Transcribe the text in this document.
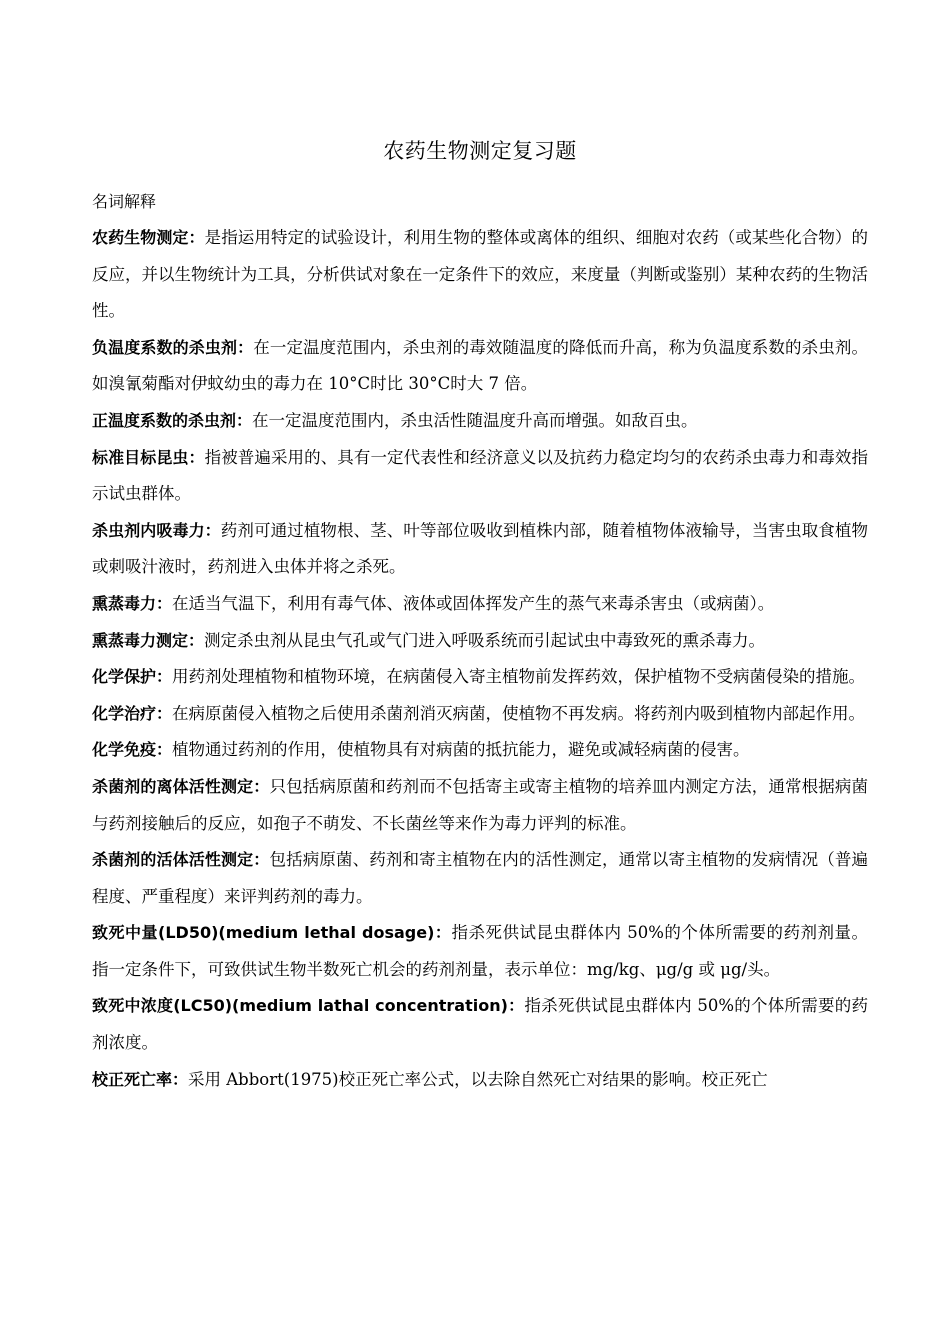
农药生物测定复习题
名词解释

农药生物测定：是指运用特定的试验设计，利用生物的整体或离体的组织、细胞对农药（或某些化合物）的反应，并以生物统计为工具，分析供试对象在一定条件下的效应，来度量（判断或鉴别）某种农药的生物活性。

负温度系数的杀虫剂：在一定温度范围内，杀虫剂的毒效随温度的降低而升高，称为负温度系数的杀虫剂。如溴氰菊酯对伊蚊幼虫的毒力在 10°C时比 30°C时大 7 倍。

正温度系数的杀虫剂：在一定温度范围内，杀虫活性随温度升高而增强。如敌百虫。

标准目标昆虫：指被普遍采用的、具有一定代表性和经济意义以及抗药力稳定均匀的农药杀虫毒力和毒效指示试虫群体。

杀虫剂内吸毒力：药剂可通过植物根、茎、叶等部位吸收到植株内部，随着植物体液输导，当害虫取食植物或刺吸汁液时，药剂进入虫体并将之杀死。

熏蒸毒力：在适当气温下，利用有毒气体、液体或固体挥发产生的蒸气来毒杀害虫（或病菌）。

熏蒸毒力测定：测定杀虫剂从昆虫气孔或气门进入呼吸系统而引起试虫中毒致死的熏杀毒力。

化学保护：用药剂处理植物和植物环境，在病菌侵入寄主植物前发挥药效，保护植物不受病菌侵染的措施。

化学治疗：在病原菌侵入植物之后使用杀菌剂消灭病菌，使植物不再发病。将药剂内吸到植物内部起作用。

化学免疫：植物通过药剂的作用，使植物具有对病菌的抵抗能力，避免或减轻病菌的侵害。

杀菌剂的离体活性测定：只包括病原菌和药剂而不包括寄主或寄主植物的培养皿内测定方法，通常根据病菌与药剂接触后的反应，如孢子不萌发、不长菌丝等来作为毒力评判的标准。

杀菌剂的活体活性测定：包括病原菌、药剂和寄主植物在内的活性测定，通常以寄主植物的发病情况（普遍程度、严重程度）来评判药剂的毒力。

致死中量(LD50)(medium lethal dosage)：指杀死供试昆虫群体内 50%的个体所需要的药剂剂量。指一定条件下，可致供试生物半数死亡机会的药剂剂量，表示单位：mg/kg、μg/g 或 μg/头。

致死中浓度(LC50)(medium lathal concentration)：指杀死供试昆虫群体内 50%的个体所需要的药剂浓度。

校正死亡率：采用 Abbort(1975)校正死亡率公式，以去除自然死亡对结果的影响。校正死亡
